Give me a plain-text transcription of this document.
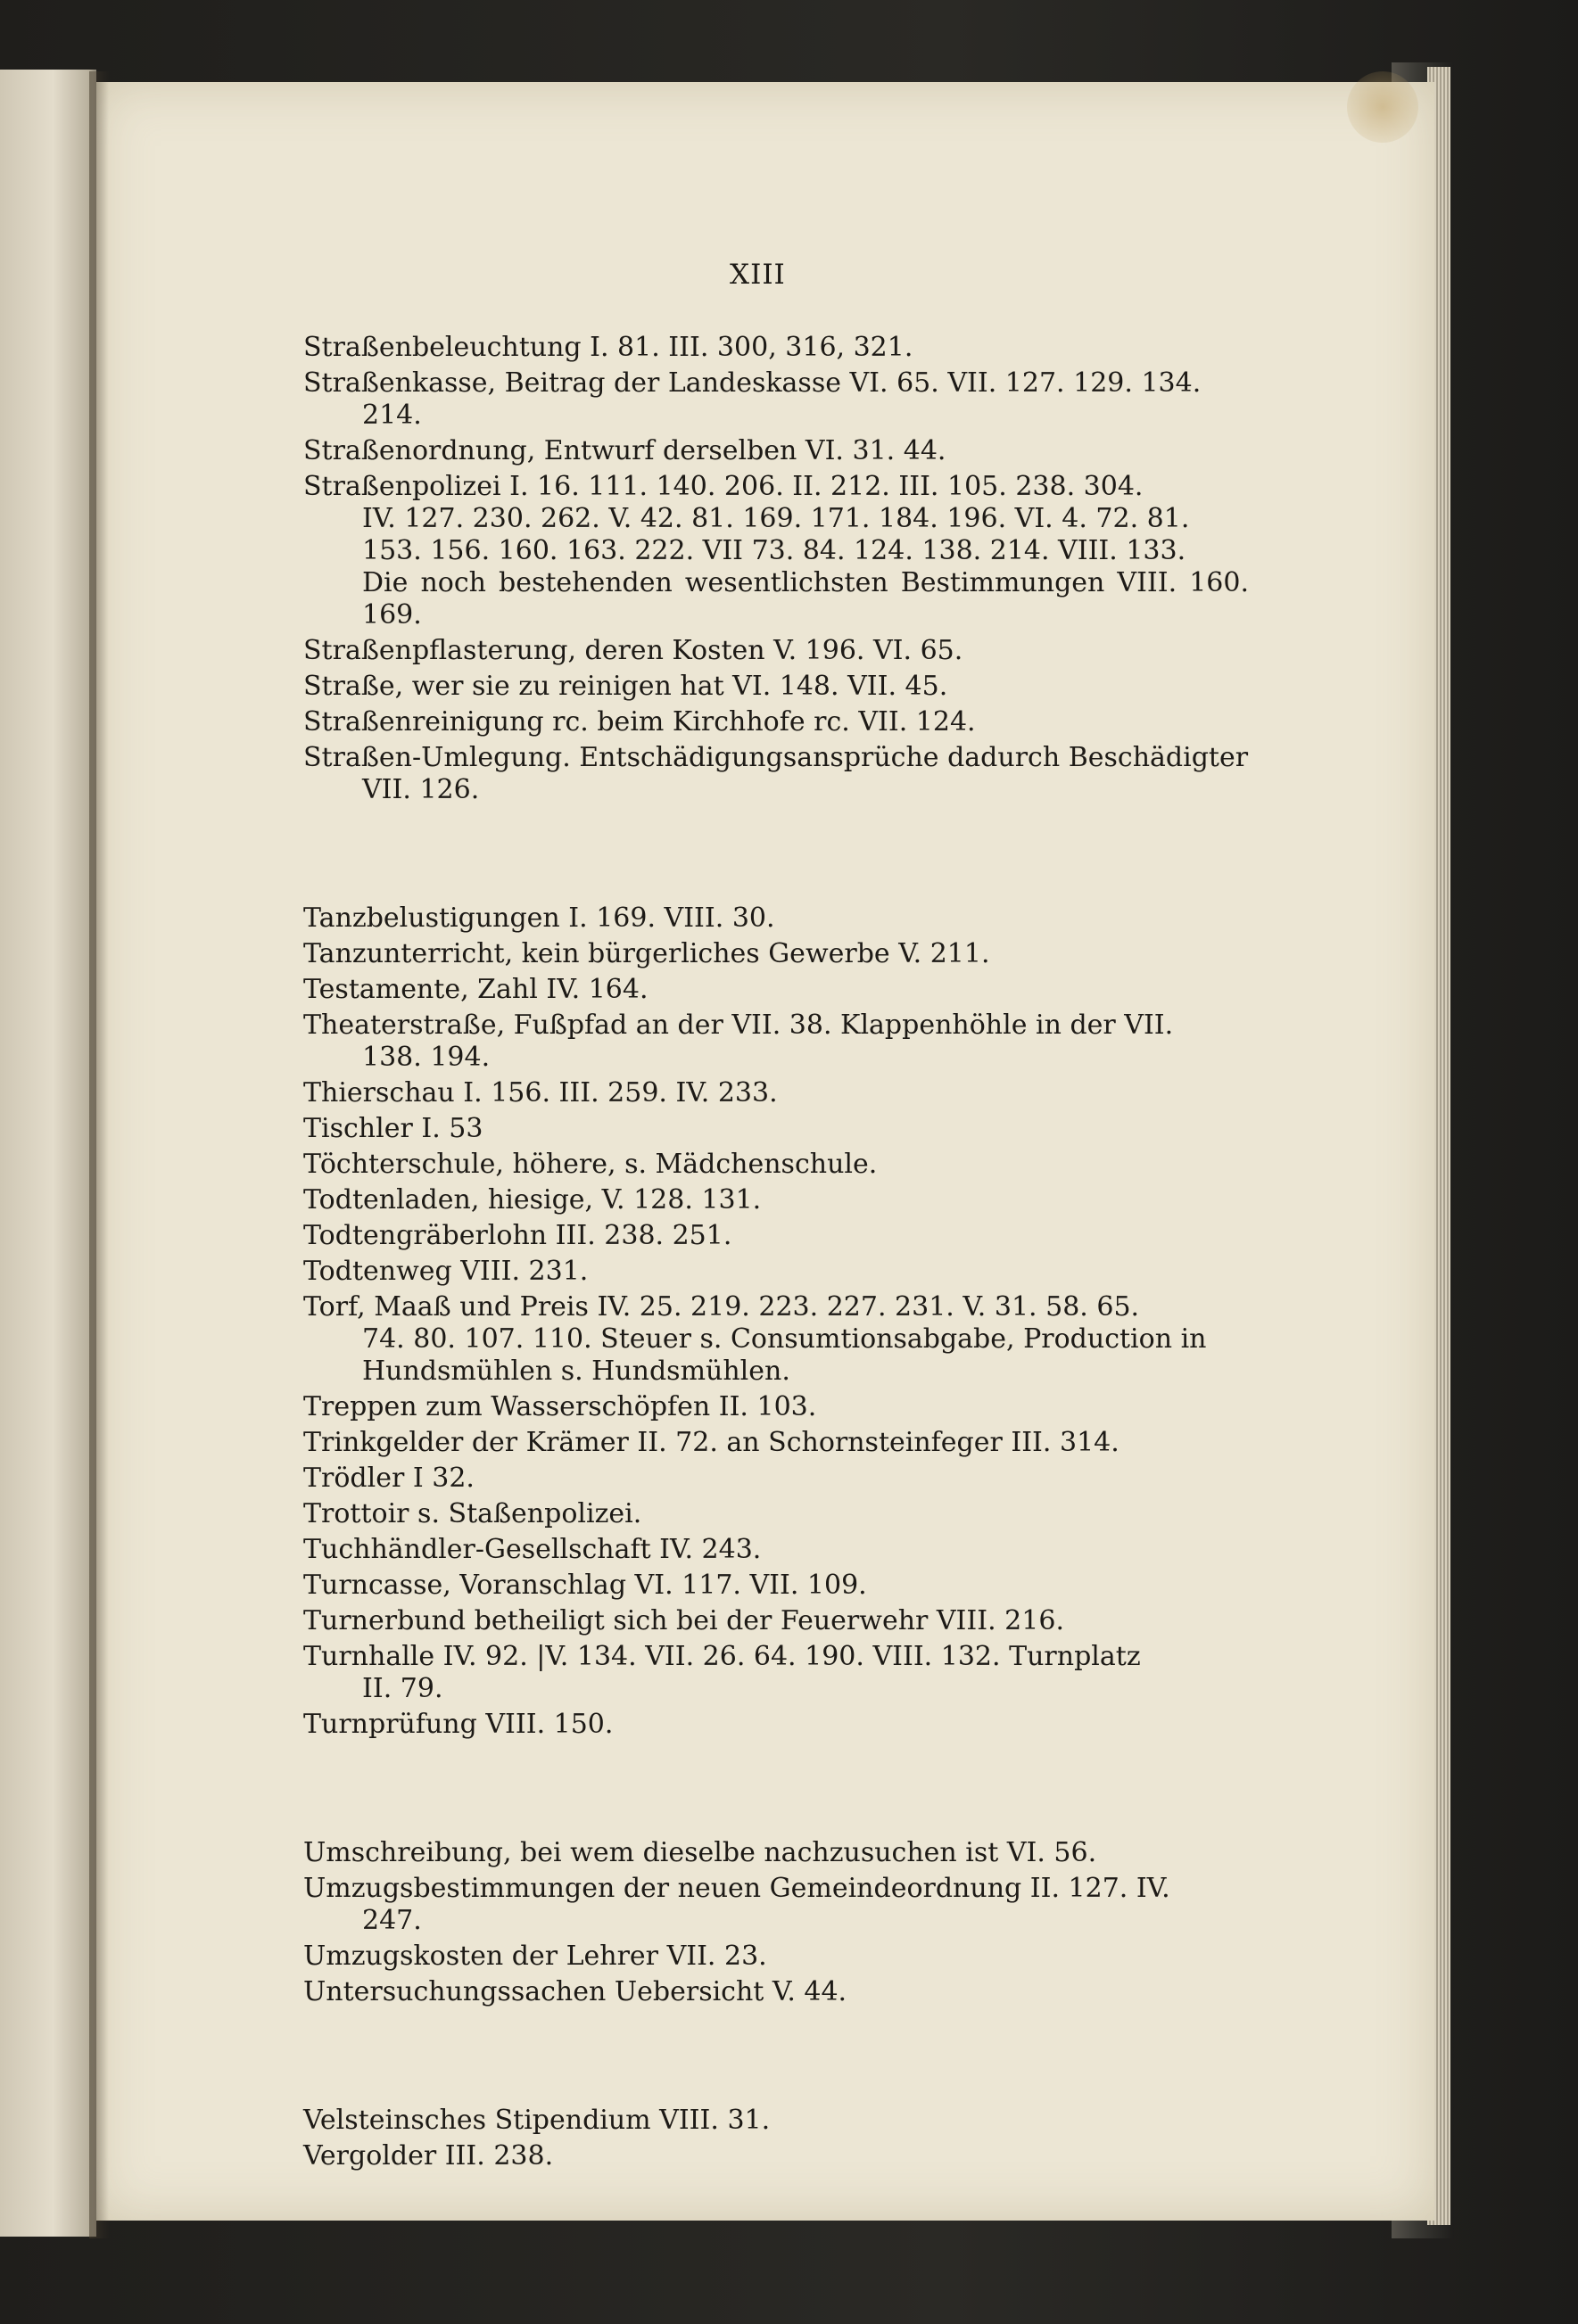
XIII

Straßenbeleuchtung I. 81. III. 300, 316, 321.

Straßenkasse, Beitrag der Landeskasse VI. 65. VII. 127. 129. 134.
214.

Straßenordnung, Entwurf derselben VI. 31. 44.

Straßenpolizei I. 16. 111. 140. 206. II. 212. III. 105. 238. 304.
IV. 127. 230. 262. V. 42. 81. 169. 171. 184. 196. VI. 4. 72. 81.
153. 156. 160. 163. 222. VII 73. 84. 124. 138. 214. VIII. 133.
Die noch bestehenden wesentlichsten Bestimmungen VIII. 160. 169.

Straßenpflasterung, deren Kosten V. 196. VI. 65.

Straße, wer sie zu reinigen hat VI. 148. VII. 45.

Straßenreinigung rc. beim Kirchhofe rc. VII. 124.

Straßen-Umlegung. Entschädigungsansprüche dadurch Beschädigter
VII. 126.

Tanzbelustigungen I. 169. VIII. 30.

Tanzunterricht, kein bürgerliches Gewerbe V. 211.

Testamente, Zahl IV. 164.

Theaterstraße, Fußpfad an der VII. 38. Klappenhöhle in der VII.
138. 194.

Thierschau I. 156. III. 259. IV. 233.

Tischler I. 53

Töchterschule, höhere, s. Mädchenschule.

Todtenladen, hiesige, V. 128. 131.

Todtengräberlohn III. 238. 251.

Todtenweg VIII. 231.

Torf, Maaß und Preis IV. 25. 219. 223. 227. 231. V. 31. 58. 65.
74. 80. 107. 110. Steuer s. Consumtionsabgabe, Production in
Hundsmühlen s. Hundsmühlen.

Treppen zum Wasserschöpfen II. 103.

Trinkgelder der Krämer II. 72. an Schornsteinfeger III. 314.

Trödler I 32.

Trottoir s. Staßenpolizei.

Tuchhändler-Gesellschaft IV. 243.

Turncasse, Voranschlag VI. 117. VII. 109.

Turnerbund betheiligt sich bei der Feuerwehr VIII. 216.

Turnhalle IV. 92. |V. 134. VII. 26. 64. 190. VIII. 132. Turnplatz
II. 79.

Turnprüfung VIII. 150.

Umschreibung, bei wem dieselbe nachzusuchen ist VI. 56.

Umzugsbestimmungen der neuen Gemeindeordnung II. 127. IV.
247.

Umzugskosten der Lehrer VII. 23.

Untersuchungssachen Uebersicht V. 44.

Velsteinsches Stipendium VIII. 31.

Vergolder III. 238.
